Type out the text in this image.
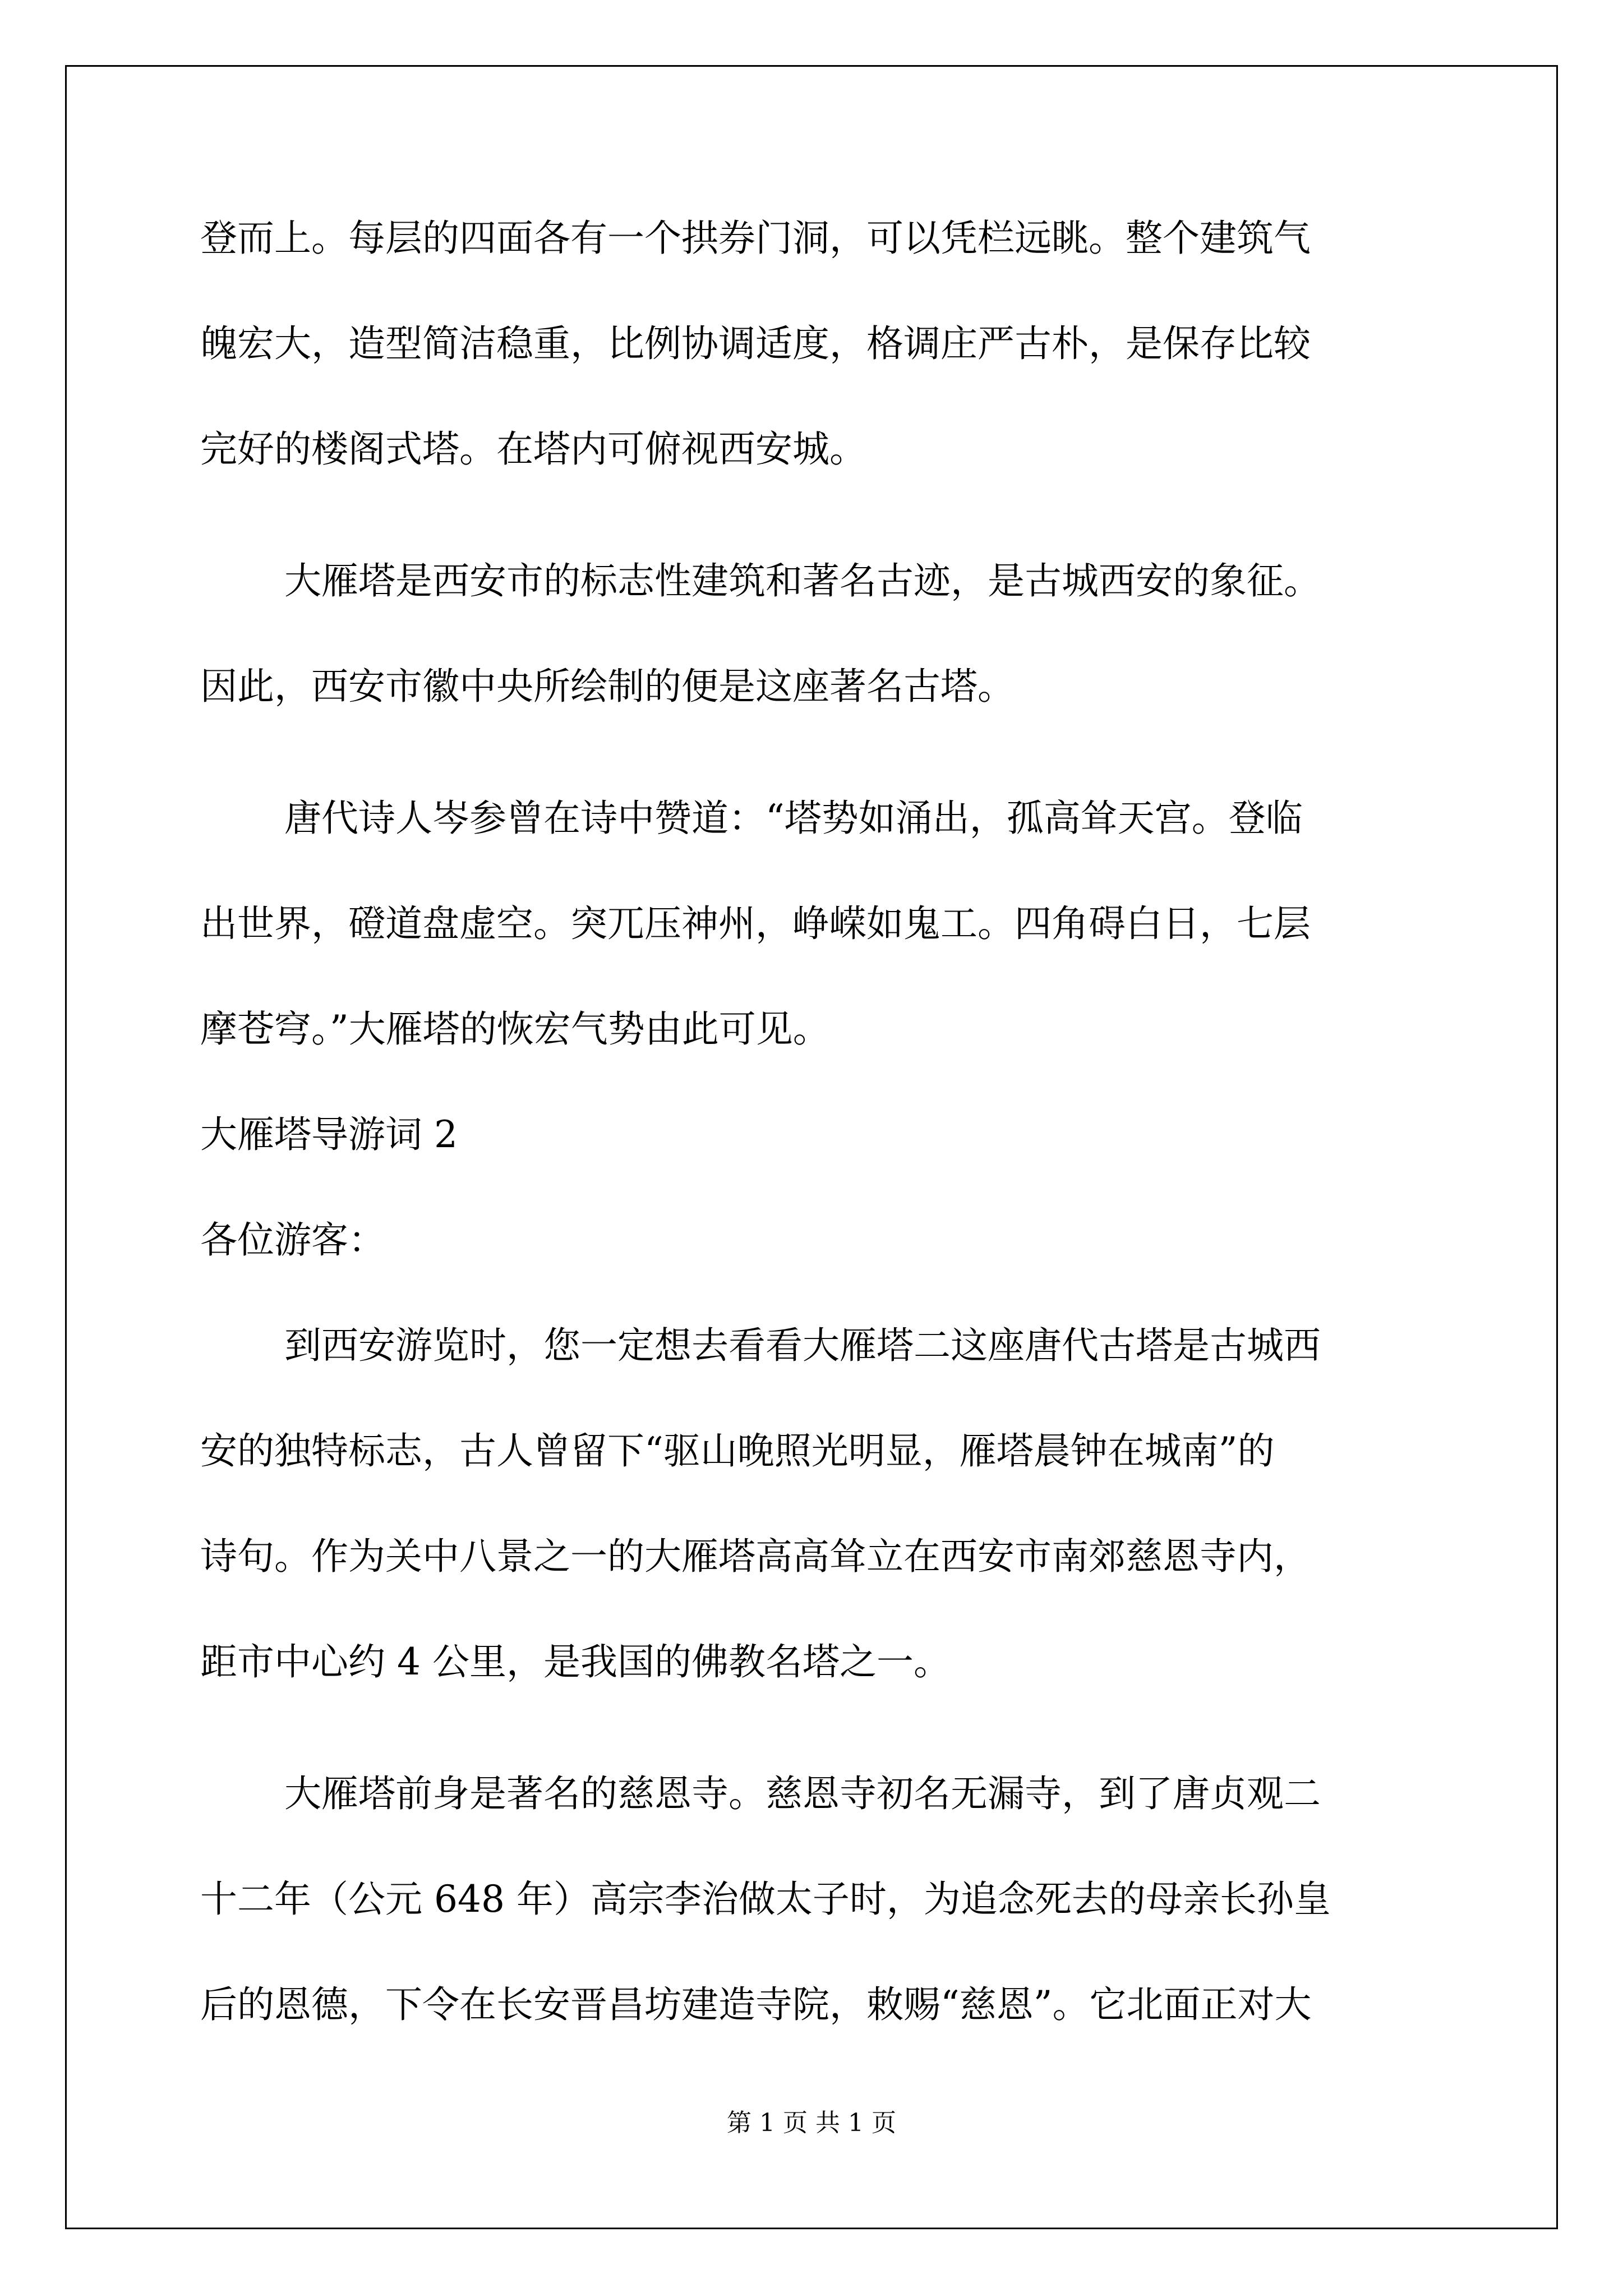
登而上。每层的四面各有一个拱券门洞，可以凭栏远眺。整个建筑气
魄宏大，造型简洁稳重，比例协调适度，格调庄严古朴，是保存比较
完好的楼阁式塔。在塔内可俯视西安城。
大雁塔是西安市的标志性建筑和著名古迹，是古城西安的象征。
因此，西安市徽中央所绘制的便是这座著名古塔。
唐代诗人岑参曾在诗中赞道：“塔势如涌出，孤高耸天宫。登临
出世界，磴道盘虚空。突兀压神州，峥嵘如鬼工。四角碍白日，七层
摩苍穹。”大雁塔的恢宏气势由此可见。
大雁塔导游词 2
各位游客：
到西安游览时，您一定想去看看大雁塔二这座唐代古塔是古城西
安的独特标志，古人曾留下“驱山晚照光明显，雁塔晨钟在城南”的
诗句。作为关中八景之一的大雁塔高高耸立在西安市南郊慈恩寺内，
距市中心约 4 公里，是我国的佛教名塔之一。
大雁塔前身是著名的慈恩寺。慈恩寺初名无漏寺，到了唐贞观二
十二年（公元 648 年）高宗李治做太子时，为追念死去的母亲长孙皇
后的恩德，下令在长安晋昌坊建造寺院，敕赐“慈恩”。它北面正对大
第 1 页 共 1 页
